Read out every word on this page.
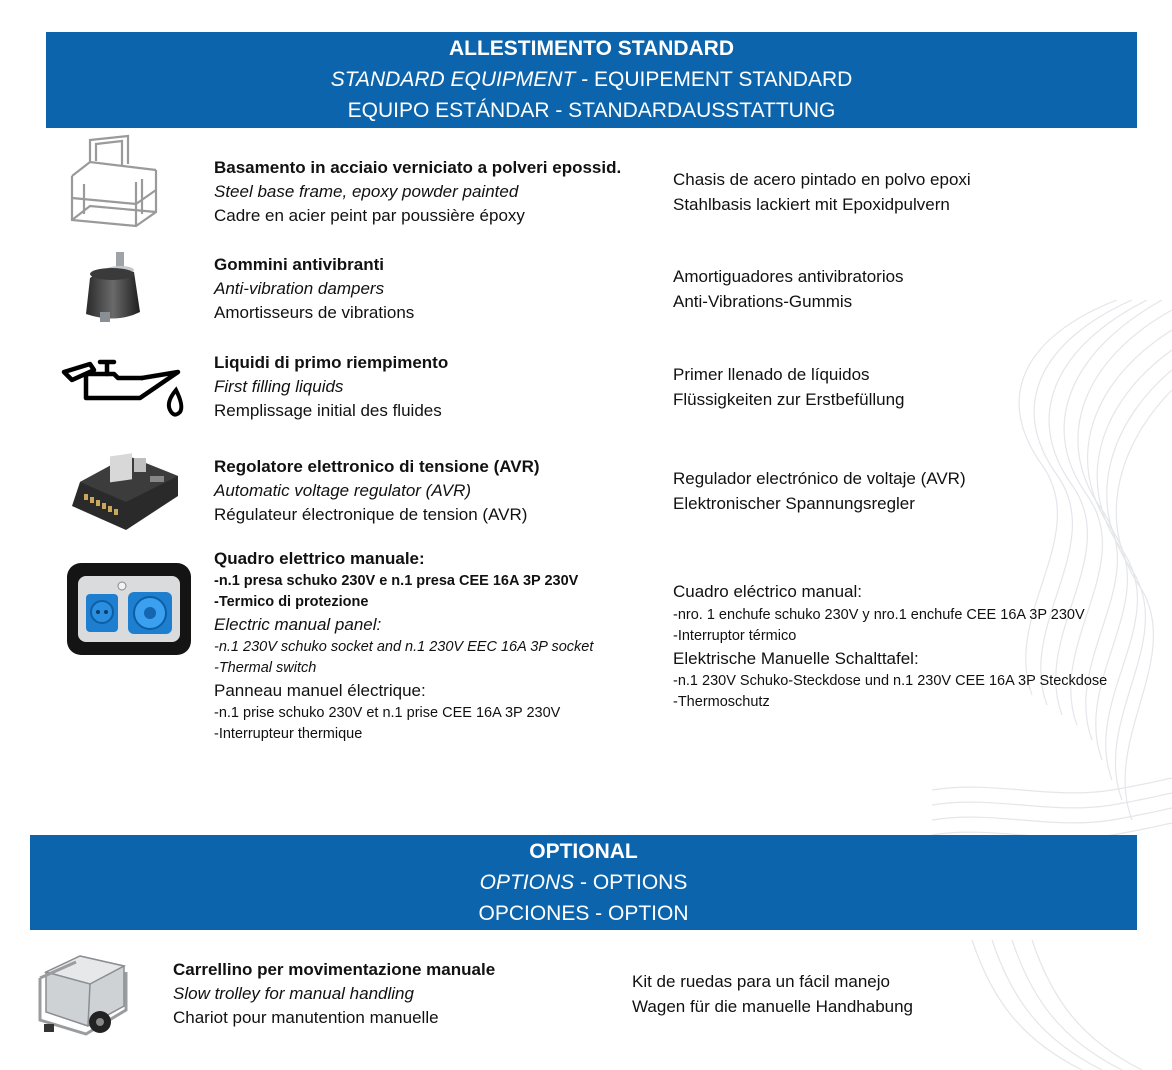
ALLESTIMENTO STANDARD
STANDARD EQUIPMENT - EQUIPEMENT STANDARD
EQUIPO ESTÁNDAR - STANDARDAUSSTATTUNG
Basamento in acciaio verniciato a polveri epossid.
Steel base frame, epoxy powder painted
Cadre en acier peint par poussière époxy
Chasis de acero pintado en polvo epoxi
Stahlbasis lackiert mit Epoxidpulvern
Gommini antivibranti
Anti-vibration dampers
Amortisseurs de vibrations
Amortiguadores antivibratorios
Anti-Vibrations-Gummis
Liquidi di primo riempimento
First filling liquids
Remplissage initial des fluides
Primer llenado de líquidos
Flüssigkeiten zur Erstbefüllung
Regolatore elettronico di tensione (AVR)
Automatic voltage regulator (AVR)
Régulateur électronique de tension (AVR)
Regulador electrónico de voltaje (AVR)
Elektronischer Spannungsregler
Quadro elettrico manuale:
-n.1 presa schuko 230V e n.1 presa CEE 16A 3P 230V
-Termico di protezione
Electric manual panel:
-n.1 230V schuko socket and n.1 230V EEC 16A 3P socket
-Thermal switch
Panneau manuel électrique:
-n.1 prise schuko 230V et n.1 prise CEE 16A 3P 230V
-Interrupteur thermique
Cuadro eléctrico manual:
-nro. 1 enchufe schuko 230V y nro.1 enchufe CEE 16A 3P 230V
-Interruptor térmico
Elektrische Manuelle Schalttafel:
-n.1 230V Schuko-Steckdose und n.1 230V CEE 16A 3P Steckdose
-Thermoschutz
OPTIONAL
OPTIONS - OPTIONS
OPCIONES - OPTION
Carrellino per movimentazione manuale
Slow trolley for manual handling
Chariot pour manutention manuelle
Kit de ruedas para un fácil manejo
Wagen für die manuelle Handhabung
